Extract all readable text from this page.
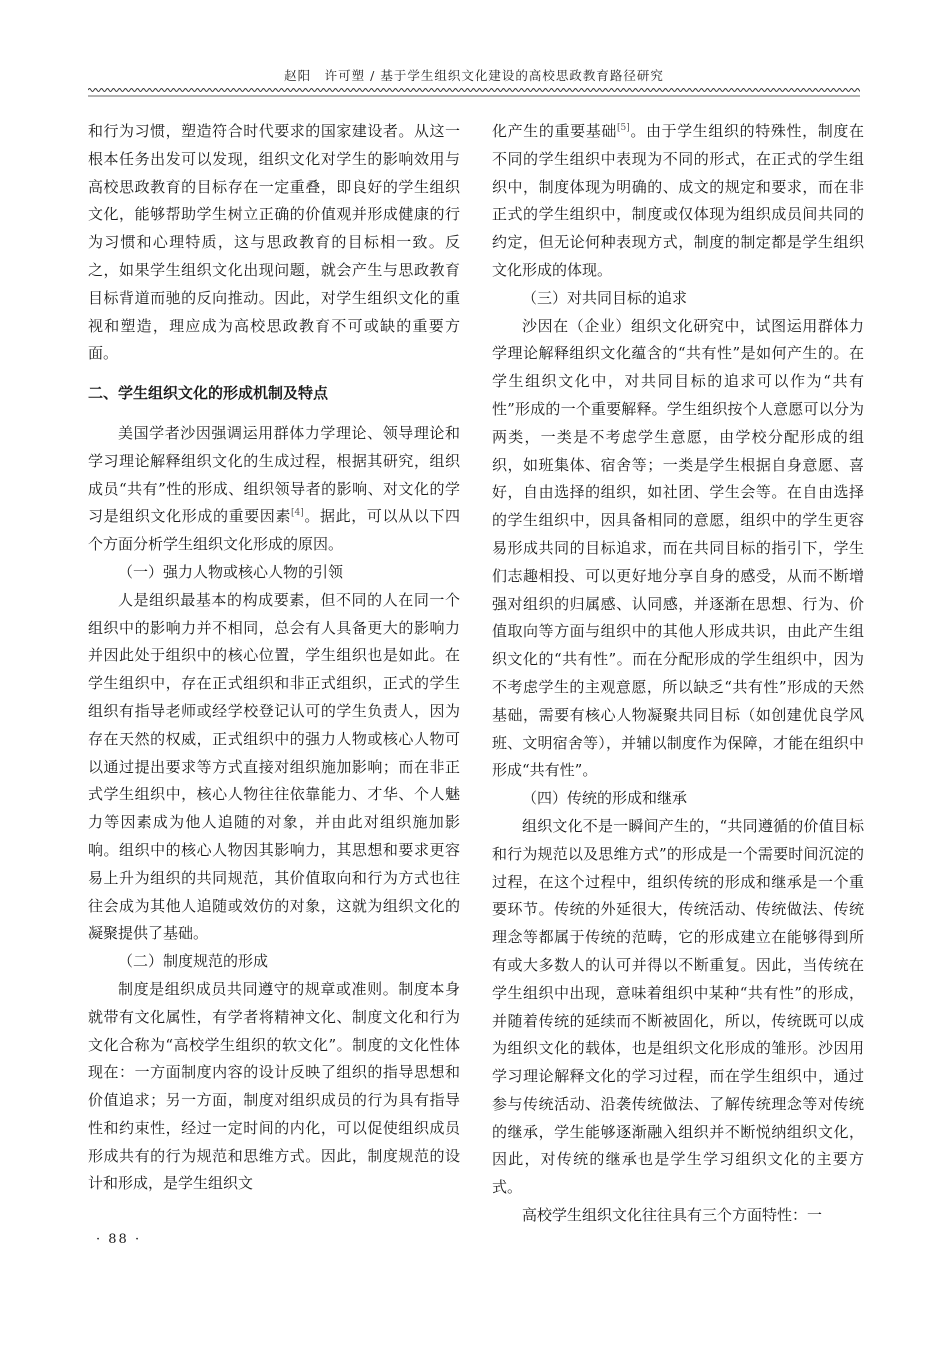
赵阳　许可塑 / 基于学生组织文化建设的高校思政教育路径研究

和行为习惯，塑造符合时代要求的国家建设者。从这一根本任务出发可以发现，组织文化对学生的影响效用与高校思政教育的目标存在一定重叠，即良好的学生组织文化，能够帮助学生树立正确的价值观并形成健康的行为习惯和心理特质，这与思政教育的目标相一致。反之，如果学生组织文化出现问题，就会产生与思政教育目标背道而驰的反向推动。因此，对学生组织文化的重视和塑造，理应成为高校思政教育不可或缺的重要方面。

二、学生组织文化的形成机制及特点

美国学者沙因强调运用群体力学理论、领导理论和学习理论解释组织文化的生成过程，根据其研究，组织成员“共有”性的形成、组织领导者的影响、对文化的学习是组织文化形成的重要因素[4]。据此，可以从以下四个方面分析学生组织文化形成的原因。

（一）强力人物或核心人物的引领

人是组织最基本的构成要素，但不同的人在同一个组织中的影响力并不相同，总会有人具备更大的影响力并因此处于组织中的核心位置，学生组织也是如此。在学生组织中，存在正式组织和非正式组织，正式的学生组织有指导老师或经学校登记认可的学生负责人，因为存在天然的权威，正式组织中的强力人物或核心人物可以通过提出要求等方式直接对组织施加影响；而在非正式学生组织中，核心人物往往依靠能力、才华、个人魅力等因素成为他人追随的对象，并由此对组织施加影响。组织中的核心人物因其影响力，其思想和要求更容易上升为组织的共同规范，其价值取向和行为方式也往往会成为其他人追随或效仿的对象，这就为组织文化的凝聚提供了基础。

（二）制度规范的形成

制度是组织成员共同遵守的规章或准则。制度本身就带有文化属性，有学者将精神文化、制度文化和行为文化合称为“高校学生组织的软文化”。制度的文化性体现在：一方面制度内容的设计反映了组织的指导思想和价值追求；另一方面，制度对组织成员的行为具有指导性和约束性，经过一定时间的内化，可以促使组织成员形成共有的行为规范和思维方式。因此，制度规范的设计和形成，是学生组织文

化产生的重要基础[5]。由于学生组织的特殊性，制度在不同的学生组织中表现为不同的形式，在正式的学生组织中，制度体现为明确的、成文的规定和要求，而在非正式的学生组织中，制度或仅体现为组织成员间共同的约定，但无论何种表现方式，制度的制定都是学生组织文化形成的体现。

（三）对共同目标的追求

沙因在（企业）组织文化研究中，试图运用群体力学理论解释组织文化蕴含的“共有性”是如何产生的。在学生组织文化中，对共同目标的追求可以作为“共有性”形成的一个重要解释。学生组织按个人意愿可以分为两类，一类是不考虑学生意愿，由学校分配形成的组织，如班集体、宿舍等；一类是学生根据自身意愿、喜好，自由选择的组织，如社团、学生会等。在自由选择的学生组织中，因具备相同的意愿，组织中的学生更容易形成共同的目标追求，而在共同目标的指引下，学生们志趣相投、可以更好地分享自身的感受，从而不断增强对组织的归属感、认同感，并逐渐在思想、行为、价值取向等方面与组织中的其他人形成共识，由此产生组织文化的“共有性”。而在分配形成的学生组织中，因为不考虑学生的主观意愿，所以缺乏“共有性”形成的天然基础，需要有核心人物凝聚共同目标（如创建优良学风班、文明宿舍等），并辅以制度作为保障，才能在组织中形成“共有性”。

（四）传统的形成和继承

组织文化不是一瞬间产生的，“共同遵循的价值目标和行为规范以及思维方式”的形成是一个需要时间沉淀的过程，在这个过程中，组织传统的形成和继承是一个重要环节。传统的外延很大，传统活动、传统做法、传统理念等都属于传统的范畴，它的形成建立在能够得到所有或大多数人的认可并得以不断重复。因此，当传统在学生组织中出现，意味着组织中某种“共有性”的形成，并随着传统的延续而不断被固化，所以，传统既可以成为组织文化的载体，也是组织文化形成的雏形。沙因用学习理论解释文化的学习过程，而在学生组织中，通过参与传统活动、沿袭传统做法、了解传统理念等对传统的继承，学生能够逐渐融入组织并不断悦纳组织文化，因此，对传统的继承也是学生学习组织文化的主要方式。

高校学生组织文化往往具有三个方面特性：一

· 88 ·
